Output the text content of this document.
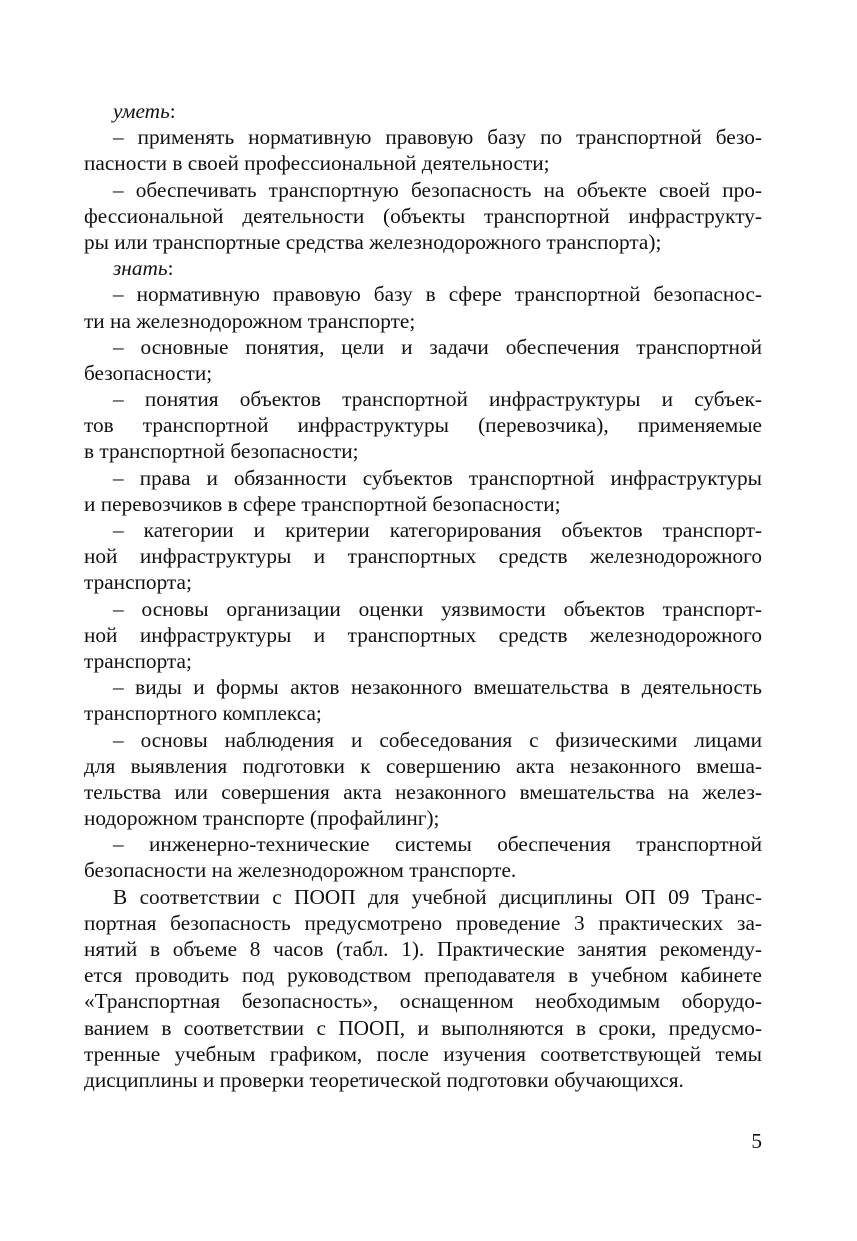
уметь:
– применять нормативную правовую базу по транспортной безо-
пасности в своей профессиональной деятельности;
– обеспечивать транспортную безопасность на объекте своей про-
фессиональной деятельности (объекты транспортной инфраструкту-
ры или транспортные средства железнодорожного транспорта);
знать:
– нормативную правовую базу в сфере транспортной безопаснос-
ти на железнодорожном транспорте;
– основные понятия, цели и задачи обеспечения транспортной
безопасности;
– понятия объектов транспортной инфраструктуры и субъек-
тов транспортной инфраструктуры (перевозчика), применяемые
в транспортной безопасности;
– права и обязанности субъектов транспортной инфраструктуры
и перевозчиков в сфере транспортной безопасности;
– категории и критерии категорирования объектов транспорт-
ной инфраструктуры и транспортных средств железнодорожного
транспорта;
– основы организации оценки уязвимости объектов транспорт-
ной инфраструктуры и транспортных средств железнодорожного
транспорта;
– виды и формы актов незаконного вмешательства в деятельность
транспортного комплекса;
– основы наблюдения и собеседования с физическими лицами
для выявления подготовки к совершению акта незаконного вмеша-
тельства или совершения акта незаконного вмешательства на желез-
нодорожном транспорте (профайлинг);
– инженерно-технические системы обеспечения транспортной
безопасности на железнодорожном транспорте.
В соответствии с ПООП для учебной дисциплины ОП 09 Транс-
портная безопасность предусмотрено проведение 3 практических за-
нятий в объеме 8 часов (табл. 1). Практические занятия рекоменду-
ется проводить под руководством преподавателя в учебном кабинете
«Транспортная безопасность», оснащенном необходимым оборудо-
ванием в соответствии с ПООП, и выполняются в сроки, предусмо-
тренные учебным графиком, после изучения соответствующей темы
дисциплины и проверки теоретической подготовки обучающихся.
5
